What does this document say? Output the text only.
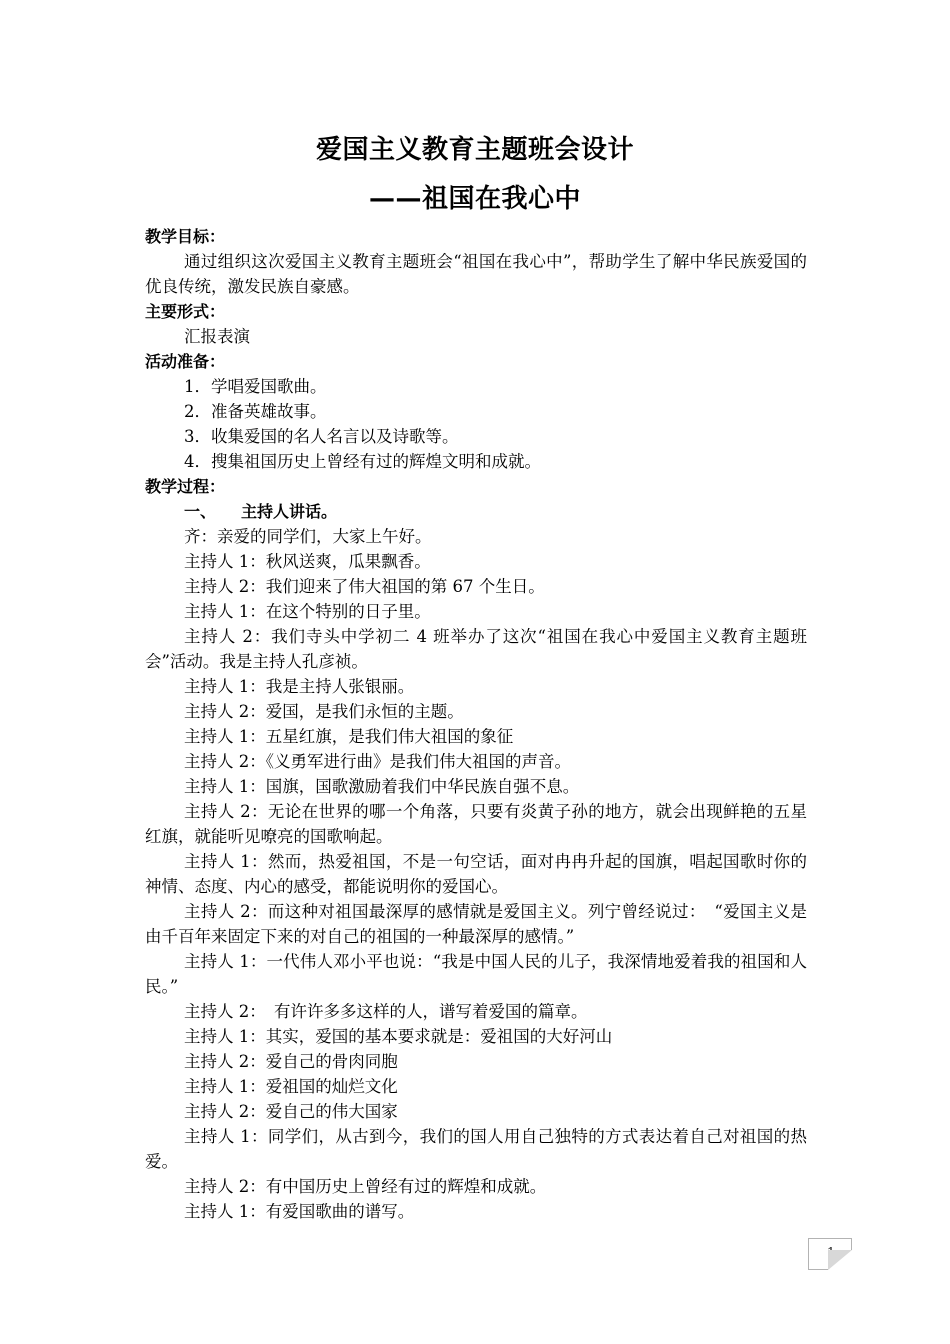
爱国主义教育主题班会设计
——祖国在我心中
教学目标：
通过组织这次爱国主义教育主题班会“祖国在我心中”，帮助学生了解中华民族爱国的优良传统，激发民族自豪感。
主要形式：
汇报表演
活动准备：
1．学唱爱国歌曲。
2．准备英雄故事。
3．收集爱国的名人名言以及诗歌等。
4．搜集祖国历史上曾经有过的辉煌文明和成就。
教学过程：
一、 主持人讲话。
齐：亲爱的同学们，大家上午好。
主持人 1：秋风送爽，瓜果飘香。
主持人 2：我们迎来了伟大祖国的第 67 个生日。
主持人 1：在这个特别的日子里。
主持人 2：我们寺头中学初二 4 班举办了这次“祖国在我心中爱国主义教育主题班会”活动。我是主持人孔彦祯。
主持人 1：我是主持人张银丽。
主持人 2：爱国，是我们永恒的主题。
主持人 1：五星红旗，是我们伟大祖国的象征
主持人 2：《义勇军进行曲》是我们伟大祖国的声音。
主持人 1：国旗，国歌激励着我们中华民族自强不息。
主持人 2：无论在世界的哪一个角落，只要有炎黄子孙的地方，就会出现鲜艳的五星红旗，就能听见嘹亮的国歌响起。
主持人 1：然而，热爱祖国，不是一句空话，面对冉冉升起的国旗，唱起国歌时你的神情、态度、内心的感受，都能说明你的爱国心。
主持人 2：而这种对祖国最深厚的感情就是爱国主义。列宁曾经说过：　“爱国主义是由千百年来固定下来的对自己的祖国的一种最深厚的感情。”
主持人 1：一代伟人邓小平也说：“我是中国人民的儿子，我深情地爱着我的祖国和人民。”
主持人 2：　有许许多多这样的人，谱写着爱国的篇章。
主持人 1：其实，爱国的基本要求就是：爱祖国的大好河山
主持人 2：爱自己的骨肉同胞
主持人 1：爱祖国的灿烂文化
主持人 2：爱自己的伟大国家
主持人 1：同学们，从古到今，我们的国人用自己独特的方式表达着自己对祖国的热爱。
主持人 2：有中国历史上曾经有过的辉煌和成就。
主持人 1：有爱国歌曲的谱写。
1
